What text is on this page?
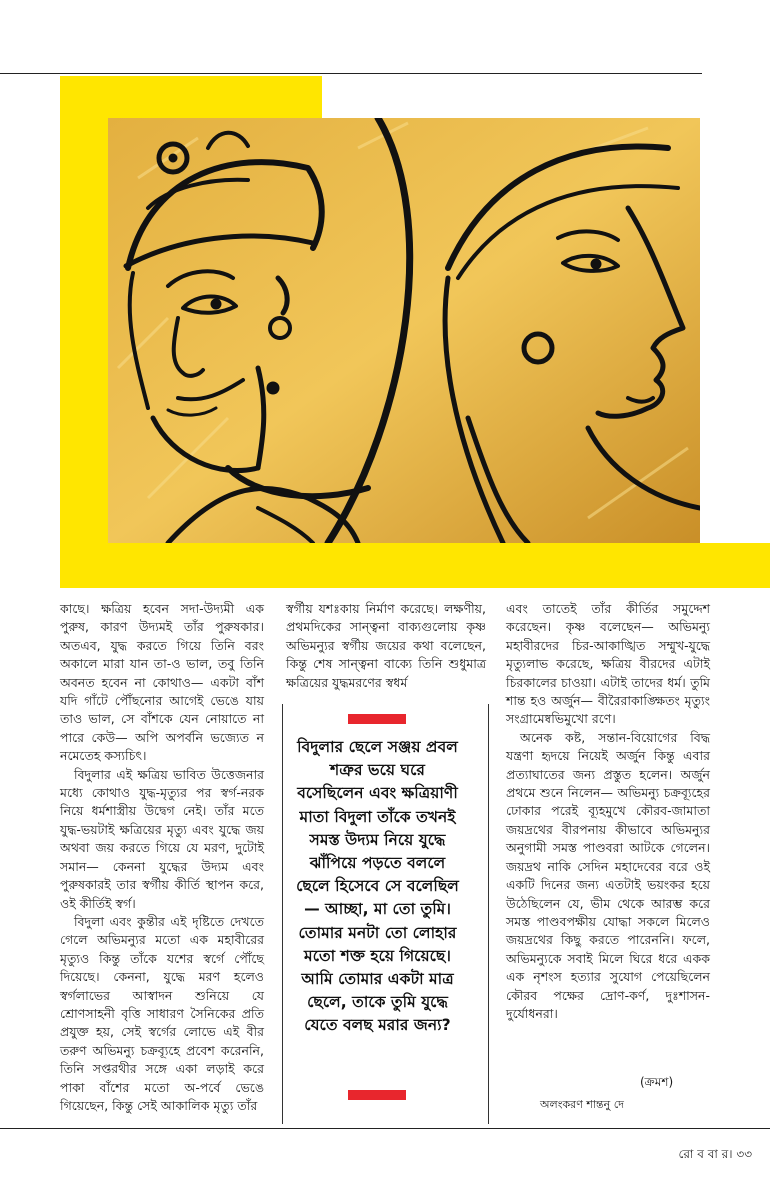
কাছে। ক্ষত্রিয় হবেন সদা-উদ্যমী এক পুরুষ, কারণ উদ্যমই তাঁর পুরুষকার। অতএব, যুদ্ধ করতে গিয়ে তিনি বরং অকালে মারা যান তা-ও ভাল, তবু তিনি অবনত হবেন না কোথাও— একটা বাঁশ যদি গাঁটে পৌঁছনোর আগেই ভেঙে যায় তাও ভাল, সে বাঁশকে যেন নোয়াতে না পারে কেউ— অপি অপর্বনি ভজ্যেত ন নমেতেহ কস্যচিৎ।

বিদুলার এই ক্ষত্রিয় ভাবিত উত্তেজনার মধ্যে কোথাও যুদ্ধ-মৃত্যুর পর স্বর্গ-নরক নিয়ে ধর্মশাস্ত্রীয় উদ্বেগ নেই। তাঁর মতে যুদ্ধ-ভয়টাই ক্ষত্রিয়ের মৃত্যু এবং যুদ্ধে জয় অথবা জয় করতে গিয়ে যে মরণ, দুটোই সমান— কেননা যুদ্ধের উদ্যম এবং পুরুষকারই তার স্বর্গীয় কীর্তি স্থাপন করে, ওই কীর্তিই স্বর্গ।

বিদুলা এবং কুন্তীর এই দৃষ্টিতে দেখতে গেলে অভিমন্যুর মতো এক মহাবীরের মৃত্যুও কিন্তু তাঁকে যশের স্বর্গে পৌঁছে দিয়েছে। কেননা, যুদ্ধে মরণ হলেও স্বর্গলাভের আস্বাদন শুনিয়ে যে শ্রোণসাহনী বৃত্তি সাধারণ সৈনিকের প্রতি প্রযুক্ত হয়, সেই স্বর্গের লোভে এই বীর তরুণ অভিমন্যু চক্রব্যূহে প্রবেশ করেননি, তিনি সপ্তরথীর সঙ্গে একা লড়াই করে পাকা বাঁশের মতো অ-পর্বে ভেঙে গিয়েছেন, কিন্তু সেই আকালিক মৃত্যু তাঁর

স্বর্গীয় যশঃকায় নির্মাণ করেছে। লক্ষণীয়, প্রথমদিকের সান্ত্বনা বাক্যগুলোয় কৃষ্ণ অভিমন্যুর স্বর্গীয় জয়ের কথা বলেছেন, কিন্তু শেষ সান্ত্বনা বাক্যে তিনি শুধুমাত্র ক্ষত্রিয়ের যুদ্ধমরণের স্বধর্ম

এবং তাতেই তাঁর কীর্তির সমুদ্দেশ করেছেন। কৃষ্ণ বলেছেন— অভিমন্যু মহাবীরদের চির-আকাঙ্খিত সম্মুখ-যুদ্ধে মৃত্যুলাভ করেছে, ক্ষত্রিয় বীরদের এটাই চিরকালের চাওয়া। এটাই তাদের ধর্ম। তুমি শান্ত হও অর্জুন— বীরৈরাকাঙ্ক্ষিতং মৃত্যুং সংগ্রামেষ্বভিমুখো রণে।

অনেক কষ্ট, সন্তান-বিয়োগের বিদ্ধ যন্ত্রণা হৃদয়ে নিয়েই অর্জুন কিন্তু এবার প্রত্যাঘাতের জন্য প্রস্তুত হলেন। অর্জুন প্রথমে শুনে নিলেন— অভিমন্যু চক্রব্যূহের ঢোকার পরেই ব্যূহমুখে কৌরব-জামাতা জয়দ্রথের বীরপনায় কীভাবে অভিমন্যুর অনুগামী সমস্ত পাণ্ডবরা আটকে গেলেন। জয়দ্রথ নাকি সেদিন মহাদেবের বরে ওই একটি দিনের জন্য এতটাই ভয়ংকর হয়ে উঠেছিলেন যে, ভীম থেকে আরম্ভ করে সমস্ত পাণ্ডবপক্ষীয় যোদ্ধা সকলে মিলেও জয়দ্রথের কিছু করতে পারেননি। ফলে, অভিমন্যুকে সবাই মিলে ঘিরে ধরে একক এক নৃশংস হত্যার সুযোগ পেয়েছিলেন কৌরব পক্ষের দ্রোণ-কর্ণ, দুঃশাসন-দুর্যোধনরা।

বিদুলার ছেলে সঞ্জয় প্রবল শত্রুর ভয়ে ঘরে বসেছিলেন এবং ক্ষত্রিয়াণী মাতা বিদুলা তাঁকে তখনই সমস্ত উদ্যম নিয়ে যুদ্ধে ঝাঁপিয়ে পড়তে বললে ছেলে হিসেবে সে বলেছিল— আচ্ছা, মা তো তুমি। তোমার মনটা তো লোহার মতো শক্ত হয়ে গিয়েছে। আমি তোমার একটা মাত্র ছেলে, তাকে তুমি যুদ্ধে যেতে বলছ মরার জন্য?
(ক্রমশ)
অলংকরণ শান্তনু দে
রো ব বা র। ৩৩
